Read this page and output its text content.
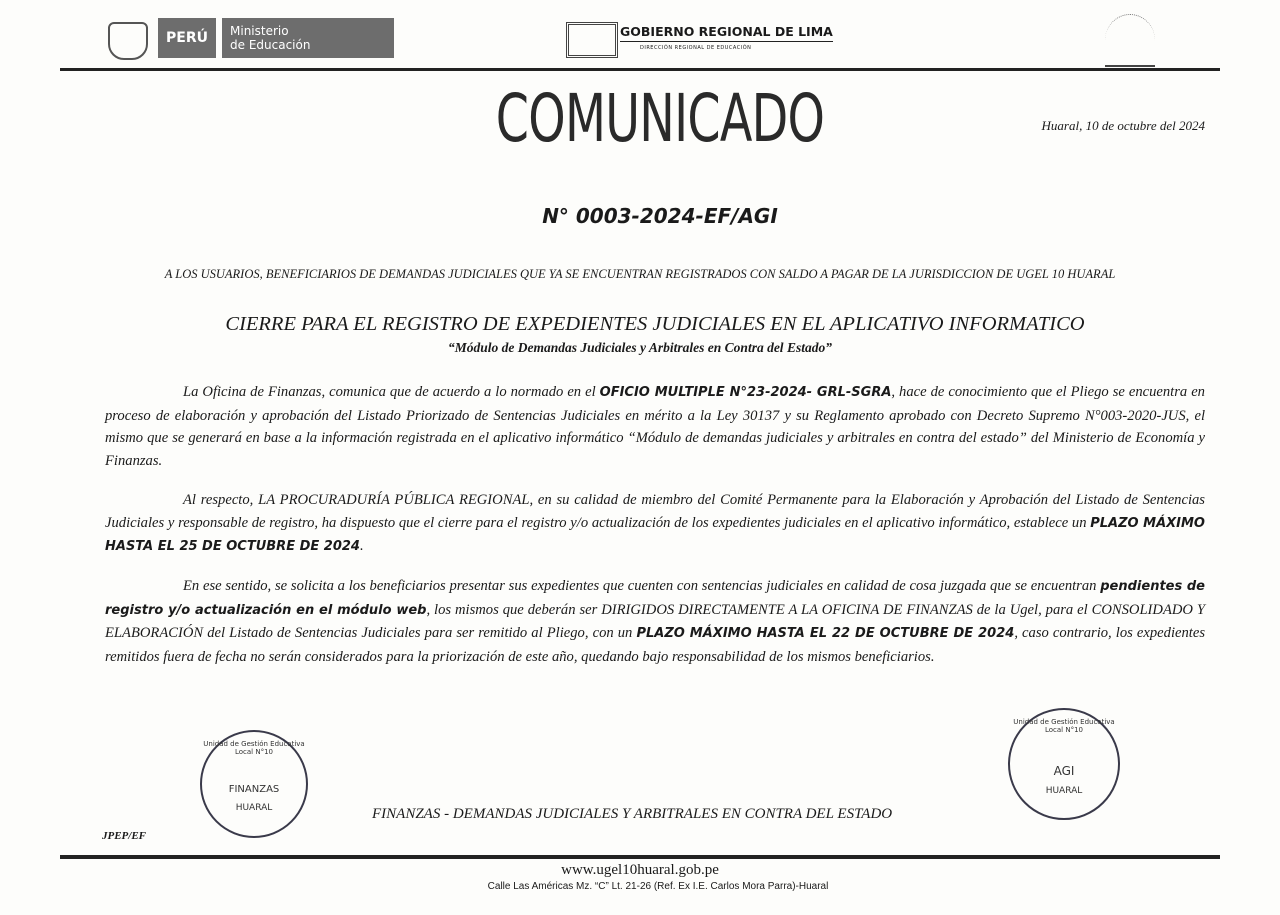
PERÚ	Ministerio
de Educación
GOBIERNO REGIONAL DE LIMA
DIRECCIÓN REGIONAL DE EDUCACIÓN
COMUNICADO	Huaral, 10 de octubre del 2024
N° 0003-2024-EF/AGI
A LOS USUARIOS, BENEFICIARIOS DE DEMANDAS JUDICIALES QUE YA SE ENCUENTRAN REGISTRADOS CON SALDO A PAGAR DE LA JURISDICCION DE UGEL 10 HUARAL
CIERRE PARA EL REGISTRO DE EXPEDIENTES JUDICIALES EN EL APLICATIVO INFORMATICO
“Módulo de Demandas Judiciales y Arbitrales en Contra del Estado”

La Oficina de Finanzas, comunica que de acuerdo a lo normado en el OFICIO MULTIPLE N°23-2024- GRL-SGRA, hace de conocimiento que el Pliego se encuentra en proceso de elaboración y aprobación del Listado Priorizado de Sentencias Judiciales en mérito a la Ley 30137 y su Reglamento aprobado con Decreto Supremo N°003-2020-JUS, el mismo que se generará en base a la información registrada en el aplicativo informático “Módulo de demandas judiciales y arbitrales en contra del estado” del Ministerio de Economía y Finanzas.

Al respecto, LA PROCURADURÍA PÚBLICA REGIONAL, en su calidad de miembro del Comité Permanente para la Elaboración y Aprobación del Listado de Sentencias Judiciales y responsable de registro, ha dispuesto que el cierre para el registro y/o actualización de los expedientes judiciales en el aplicativo informático, establece un PLAZO MÁXIMO HASTA EL 25 DE OCTUBRE DE 2024.

En ese sentido, se solicita a los beneficiarios presentar sus expedientes que cuenten con sentencias judiciales en calidad de cosa juzgada que se encuentran pendientes de registro y/o actualización en el módulo web, los mismos que deberán ser DIRIGIDOS DIRECTAMENTE A LA OFICINA DE FINANZAS de la Ugel, para el CONSOLIDADO Y ELABORACIÓN del Listado de Sentencias Judiciales para ser remitido al Pliego, con un PLAZO MÁXIMO HASTA EL 22 DE OCTUBRE DE 2024, caso contrario, los expedientes remitidos fuera de fecha no serán considerados para la priorización de este año, quedando bajo responsabilidad de los mismos beneficiarios.

Unidad de Gestión Educativa Local N°10
FINANZAS
HUARAL
Unidad de Gestión Educativa Local N°10
AGI
HUARAL
FINANZAS - DEMANDAS JUDICIALES Y ARBITRALES EN CONTRA DEL ESTADO
JPEP/EF
www.ugel10huaral.gob.pe
Calle Las Américas Mz. “C” Lt. 21-26 (Ref. Ex I.E. Carlos Mora Parra)-Huaral
